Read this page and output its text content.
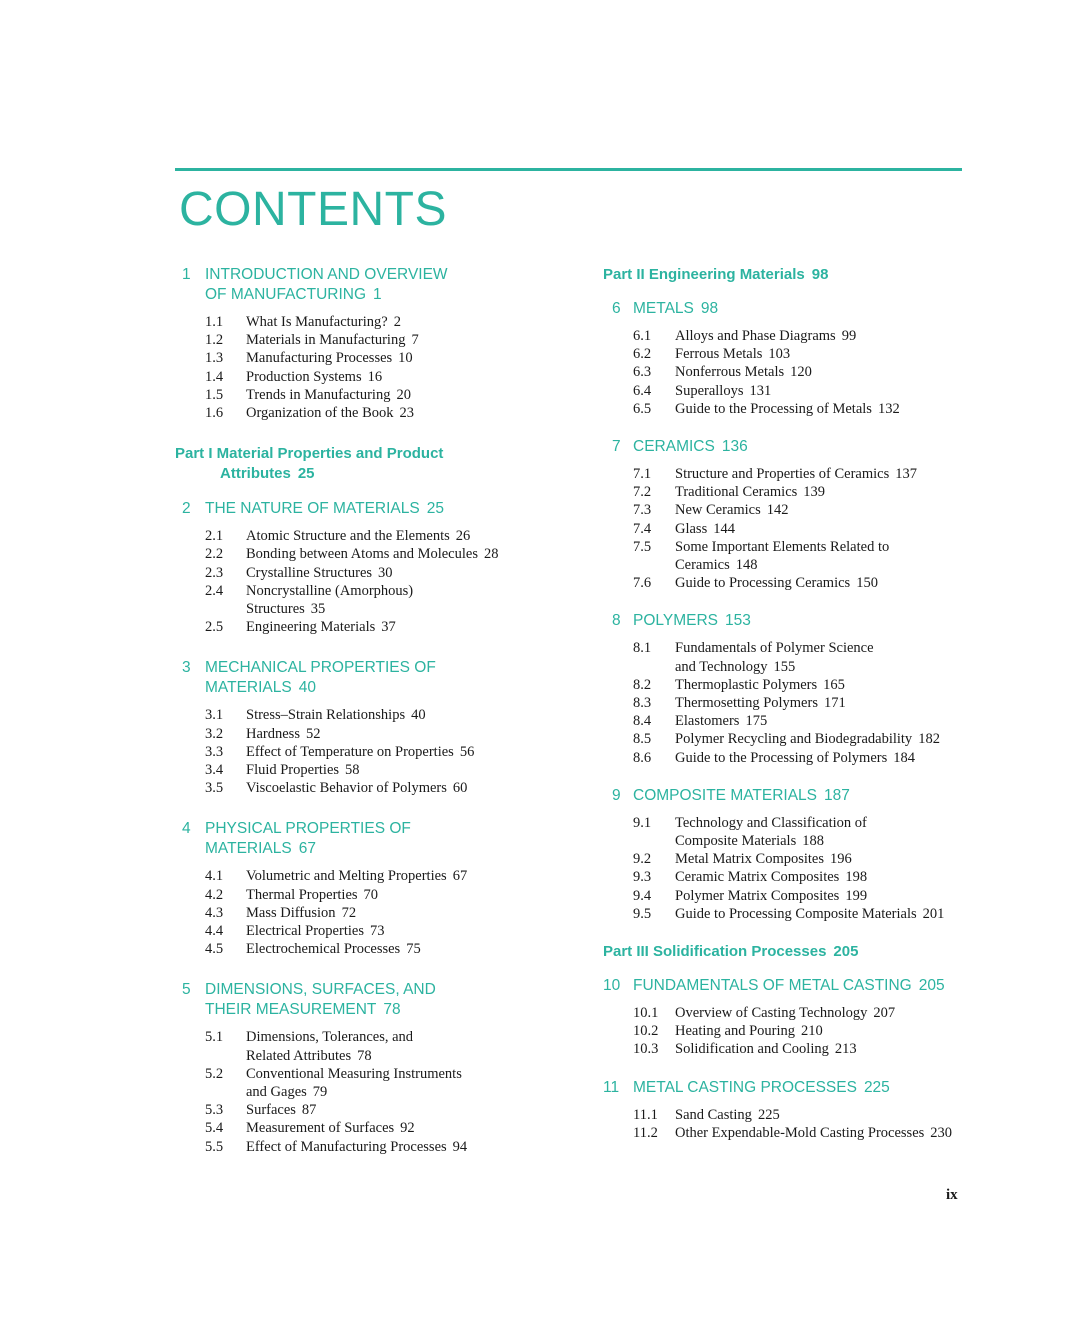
CONTENTS
1 INTRODUCTION AND OVERVIEW
OF MANUFACTURING 1
1.1 What Is Manufacturing? 2
1.2 Materials in Manufacturing 7
1.3 Manufacturing Processes 10
1.4 Production Systems 16
1.5 Trends in Manufacturing 20
1.6 Organization of the Book 23
Part I Material Properties and Product
Attributes 25
2 THE NATURE OF MATERIALS 25
2.1 Atomic Structure and the Elements 26
2.2 Bonding between Atoms and Molecules 28
2.3 Crystalline Structures 30
2.4 Noncrystalline (Amorphous)
Structures 35
2.5 Engineering Materials 37
3 MECHANICAL PROPERTIES OF
MATERIALS 40
3.1 Stress–Strain Relationships 40
3.2 Hardness 52
3.3 Effect of Temperature on Properties 56
3.4 Fluid Properties 58
3.5 Viscoelastic Behavior of Polymers 60
4 PHYSICAL PROPERTIES OF
MATERIALS 67
4.1 Volumetric and Melting Properties 67
4.2 Thermal Properties 70
4.3 Mass Diffusion 72
4.4 Electrical Properties 73
4.5 Electrochemical Processes 75
5 DIMENSIONS, SURFACES, AND
THEIR MEASUREMENT 78
5.1 Dimensions, Tolerances, and
Related Attributes 78
5.2 Conventional Measuring Instruments
and Gages 79
5.3 Surfaces 87
5.4 Measurement of Surfaces 92
5.5 Effect of Manufacturing Processes 94
Part II Engineering Materials 98
6 METALS 98
6.1 Alloys and Phase Diagrams 99
6.2 Ferrous Metals 103
6.3 Nonferrous Metals 120
6.4 Superalloys 131
6.5 Guide to the Processing of Metals 132
7 CERAMICS 136
7.1 Structure and Properties of Ceramics 137
7.2 Traditional Ceramics 139
7.3 New Ceramics 142
7.4 Glass 144
7.5 Some Important Elements Related to
Ceramics 148
7.6 Guide to Processing Ceramics 150
8 POLYMERS 153
8.1 Fundamentals of Polymer Science
and Technology 155
8.2 Thermoplastic Polymers 165
8.3 Thermosetting Polymers 171
8.4 Elastomers 175
8.5 Polymer Recycling and Biodegradability 182
8.6 Guide to the Processing of Polymers 184
9 COMPOSITE MATERIALS 187
9.1 Technology and Classification of
Composite Materials 188
9.2 Metal Matrix Composites 196
9.3 Ceramic Matrix Composites 198
9.4 Polymer Matrix Composites 199
9.5 Guide to Processing Composite Materials 201
Part III Solidification Processes 205
10 FUNDAMENTALS OF METAL CASTING 205
10.1 Overview of Casting Technology 207
10.2 Heating and Pouring 210
10.3 Solidification and Cooling 213
11 METAL CASTING PROCESSES 225
11.1 Sand Casting 225
11.2 Other Expendable-Mold Casting Processes 230
ix
